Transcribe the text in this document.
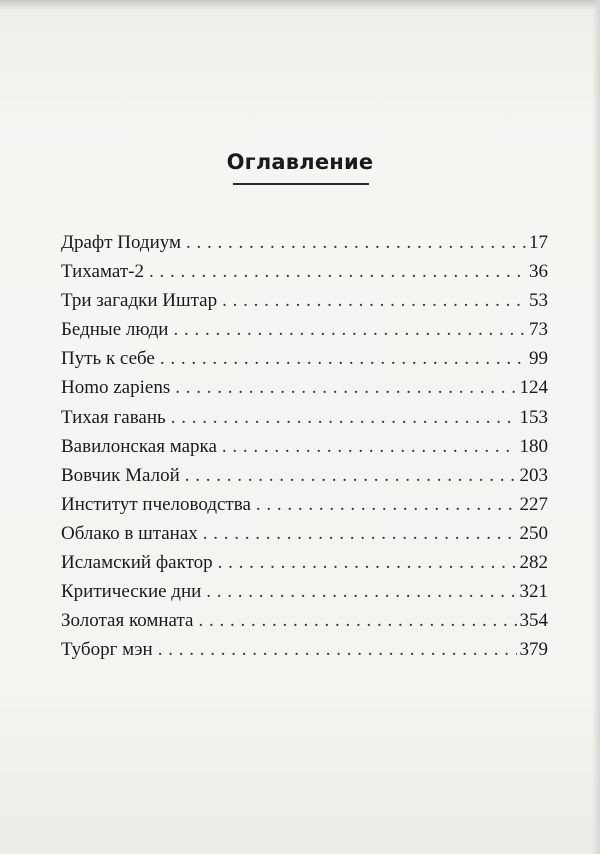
Оглавление
Драфт Подиум . . .	17
Тихамат-2 . . .	36
Три загадки Иштар . . .	53
Бедные люди . . .	73
Путь к себе . . .	99
Homo zapiens . . .	124
Тихая гавань . . .	153
Вавилонская марка . . .	180
Вовчик Малой . . .	203
Институт пчеловодства . . .	227
Облако в штанах . . .	250
Исламский фактор . . .	282
Критические дни . . .	321
Золотая комната . . .	354
Туборг мэн . . .	379
